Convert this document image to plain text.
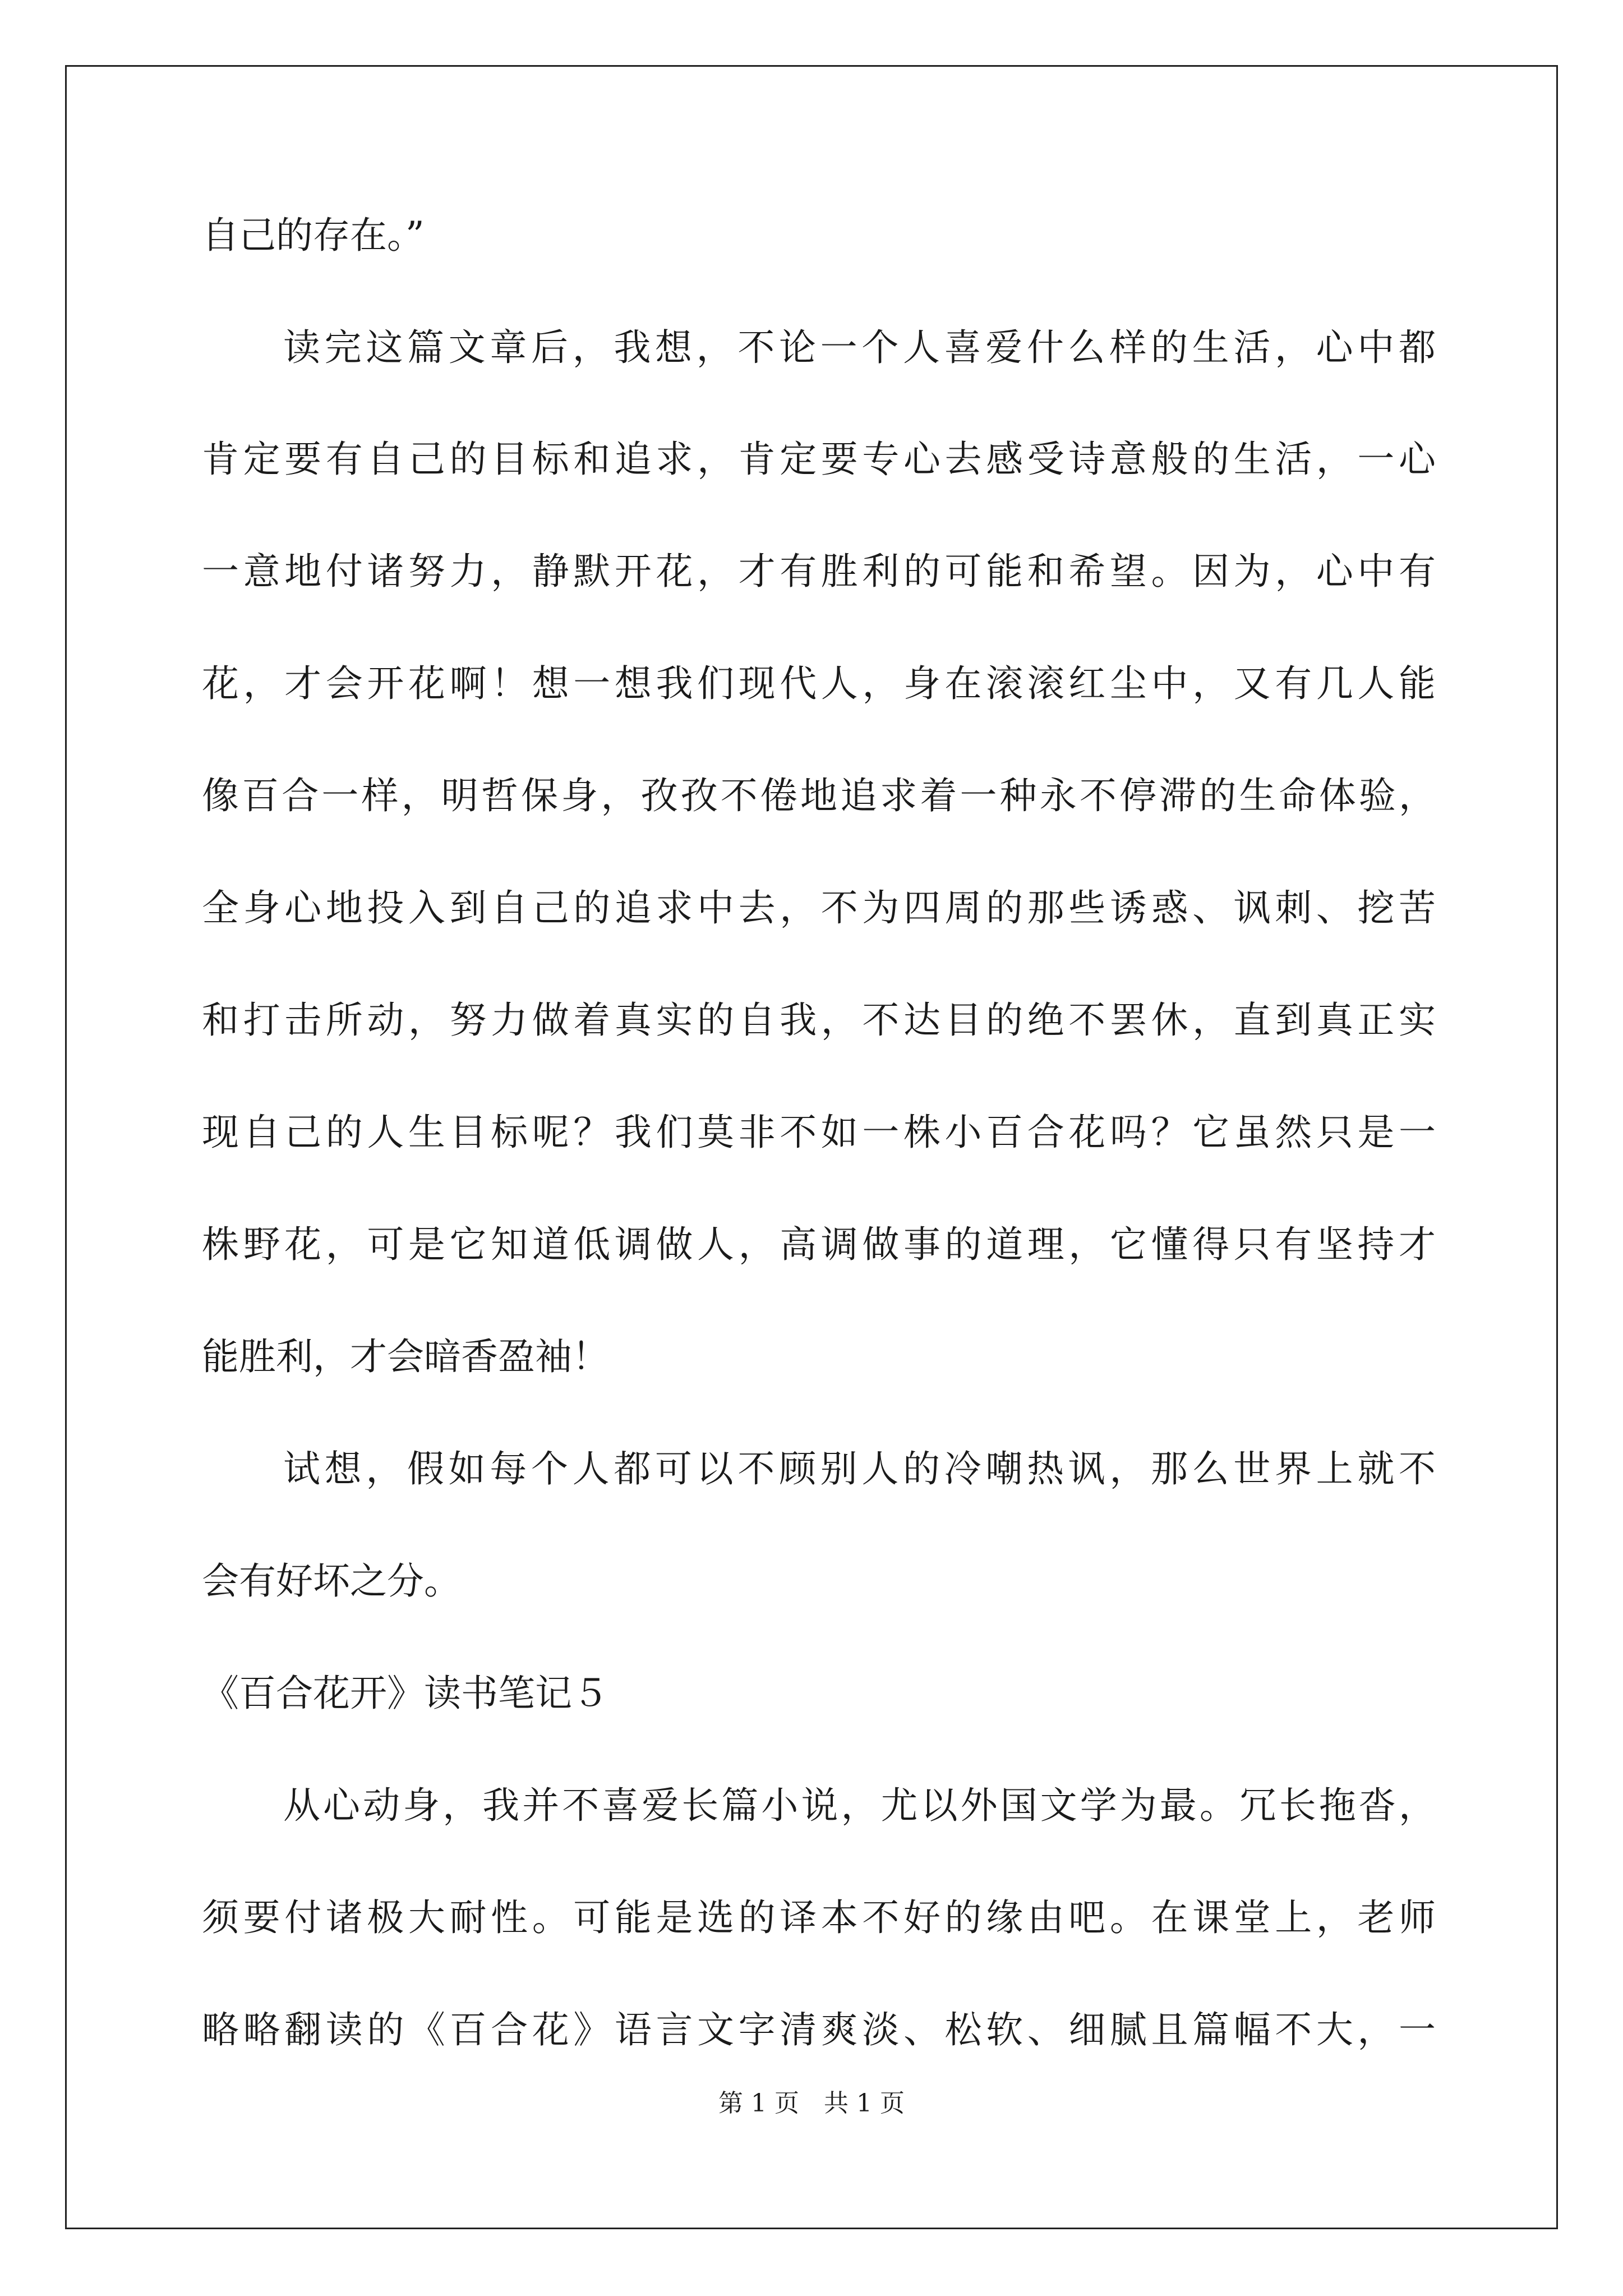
自己的存在。”
读完这篇文章后，我想，不论一个人喜爱什么样的生活，心中都
肯定要有自己的目标和追求，肯定要专心去感受诗意般的生活，一心
一意地付诸努力，静默开花，才有胜利的可能和希望。因为，心中有
花，才会开花啊！想一想我们现代人，身在滚滚红尘中，又有几人能
像百合一样，明哲保身，孜孜不倦地追求着一种永不停滞的生命体验，
全身心地投入到自己的追求中去，不为四周的那些诱惑、讽刺、挖苦
和打击所动，努力做着真实的自我，不达目的绝不罢休，直到真正实
现自己的人生目标呢？我们莫非不如一株小百合花吗？它虽然只是一
株野花，可是它知道低调做人，高调做事的道理，它懂得只有坚持才
能胜利，才会暗香盈袖！
试想，假如每个人都可以不顾别人的冷嘲热讽，那么世界上就不
会有好坏之分。
《百合花开》读书笔记５
从心动身，我并不喜爱长篇小说，尤以外国文学为最。冗长拖沓，
须要付诸极大耐性。可能是选的译本不好的缘由吧。在课堂上，老师
略略翻读的《百合花》语言文字清爽淡、松软、细腻且篇幅不大，一
第 1 页　共 1 页
